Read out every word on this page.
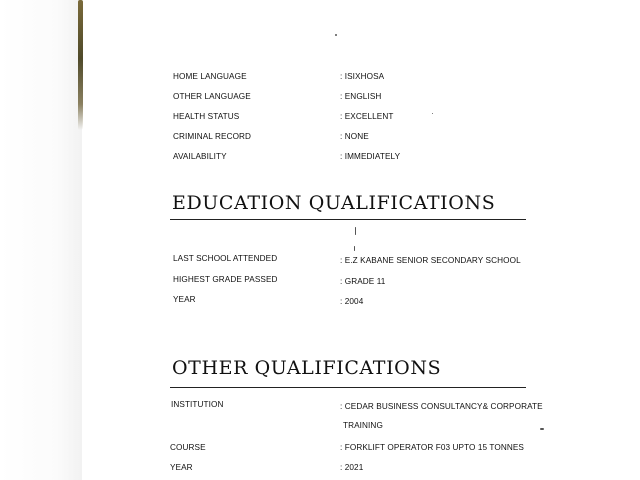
HOME LANGUAGE	: ISIXHOSA
OTHER LANGUAGE	: ENGLISH
HEALTH STATUS	: EXCELLENT
CRIMINAL RECORD	: NONE
AVAILABILITY	: IMMEDIATELY
EDUCATION QUALIFICATIONS
LAST SCHOOL ATTENDED	: E.Z KABANE SENIOR SECONDARY SCHOOL
HIGHEST GRADE PASSED	: GRADE 11
YEAR	: 2004
OTHER QUALIFICATIONS
INSTITUTION	: CEDAR BUSINESS CONSULTANCY& CORPORATE
TRAINING
COURSE	: FORKLIFT OPERATOR F03 UPTO 15 TONNES
YEAR	: 2021
